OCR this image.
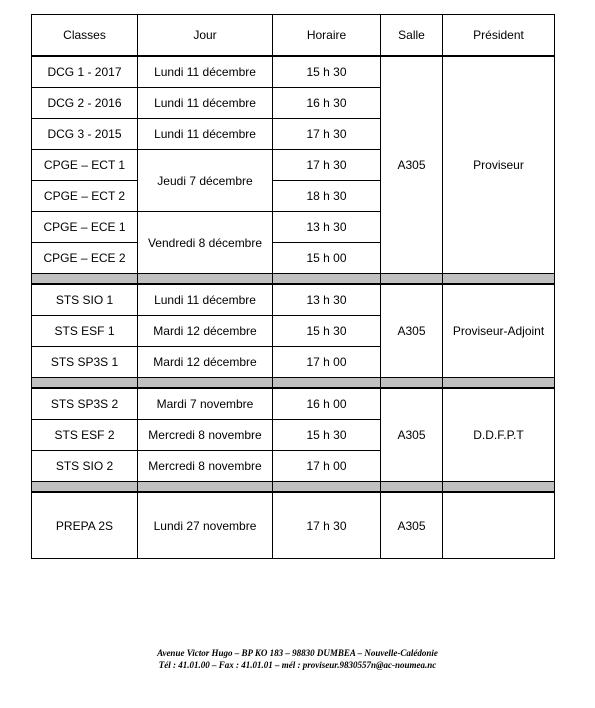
Classes	Jour	Horaire	Salle	Président
DCG 1 - 2017	Lundi 11 décembre	15 h 30	A305	Proviseur
DCG 2 - 2016	Lundi 11 décembre	16 h 30		
DCG 3 - 2015	Lundi 11 décembre	17 h 30		
CPGE – ECT 1	Jeudi 7 décembre	17 h 30		
CPGE – ECT 2		18 h 30		
CPGE – ECE 1	Vendredi 8 décembre	13 h 30		
CPGE – ECE 2		15 h 00		

STS SIO 1	Lundi 11 décembre	13 h 30	A305	Proviseur-Adjoint
STS ESF 1	Mardi 12 décembre	15 h 30		
STS SP3S 1	Mardi 12 décembre	17 h 00		

STS SP3S 2	Mardi 7 novembre	16 h 00	A305	D.D.F.P.T
STS ESF 2	Mercredi 8 novembre	15 h 30		
STS SIO 2	Mercredi 8 novembre	17 h 00		

PREPA 2S	Lundi 27 novembre	17 h 30	A305	
Avenue Victor Hugo – BP KO 183 – 98830 DUMBEA – Nouvelle-Calédonie
Tél : 41.01.00 – Fax : 41.01.01 – mél : proviseur.9830557n@ac-noumea.nc
